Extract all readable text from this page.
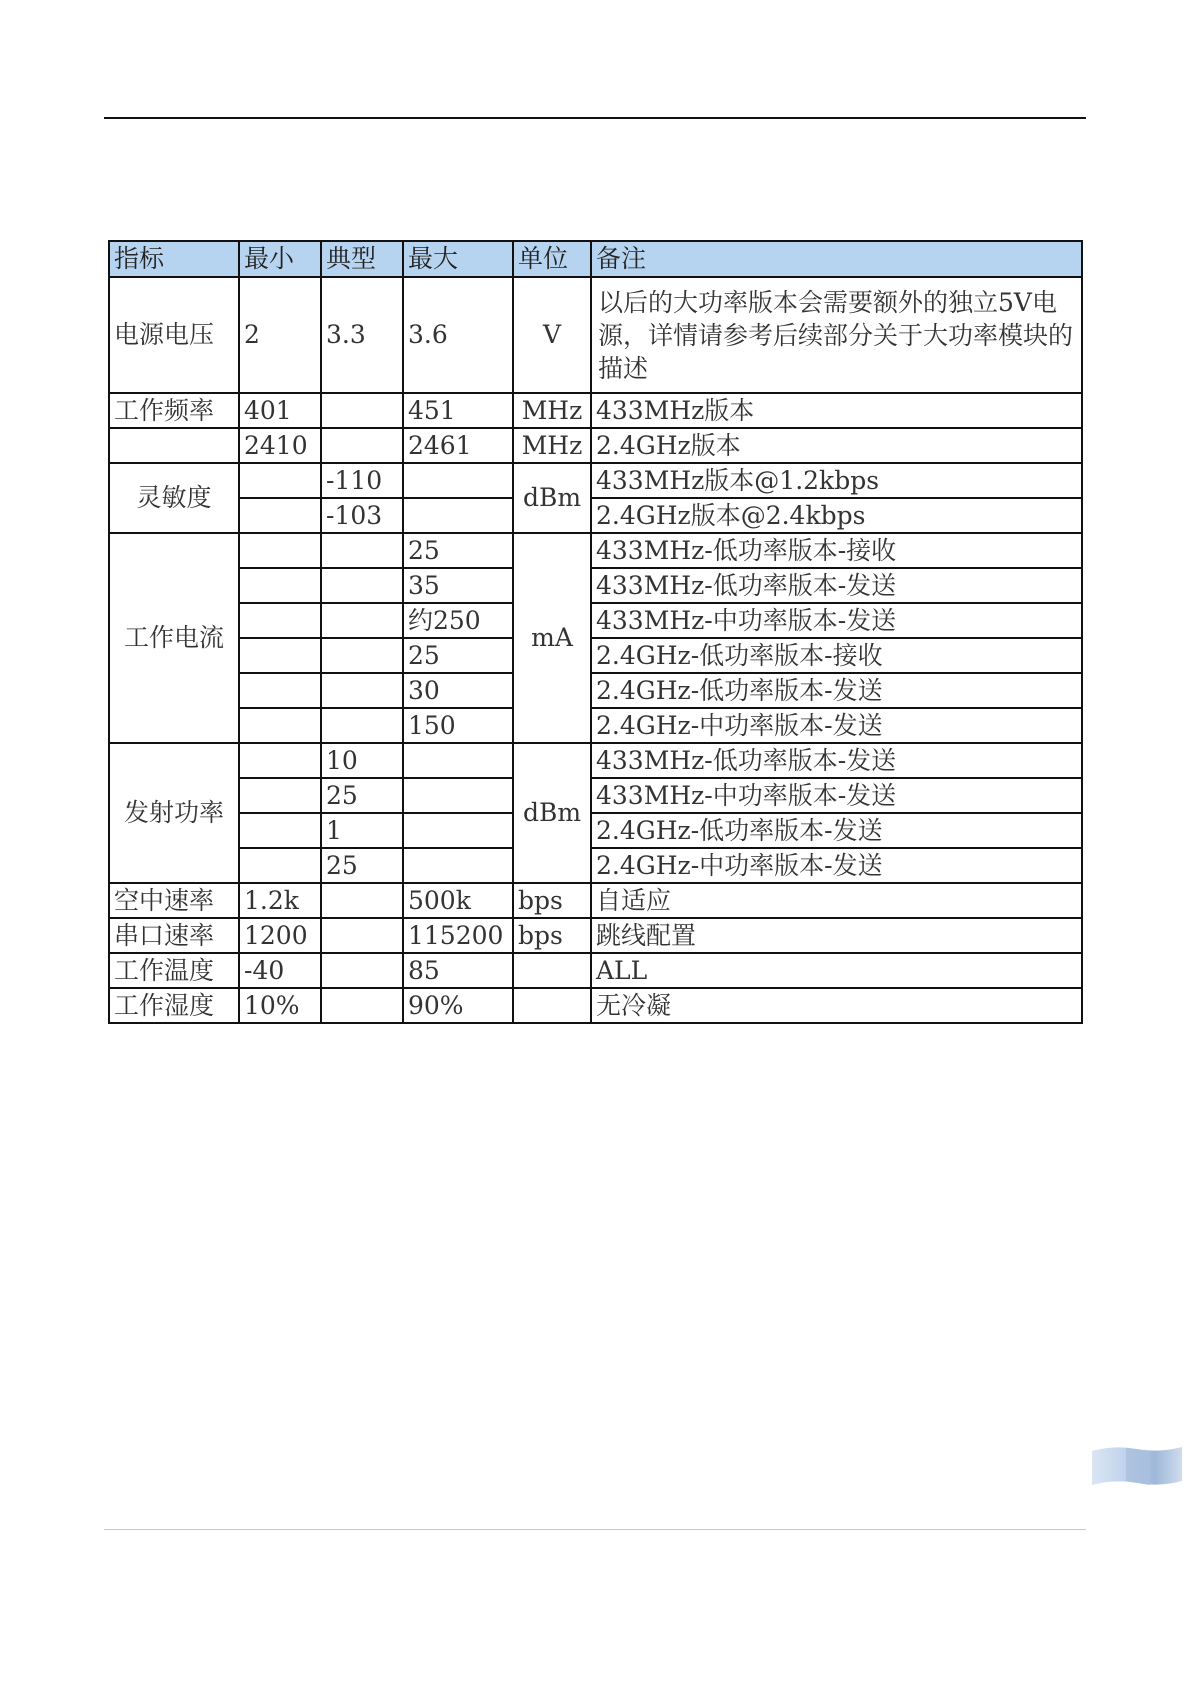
指标	最小	典型	最大	单位	备注
电源电压	2	3.3	3.6	V	以后的大功率版本会需要额外的独立5V电源，详情请参考后续部分关于大功率模块的描述
工作频率	401		451	MHz	433MHz版本
	2410		2461	MHz	2.4GHz版本
灵敏度		-110		dBm	433MHz版本@1.2kbps
		-103			2.4GHz版本@2.4kbps
工作电流			25	mA	433MHz-低功率版本-接收
			35		433MHz-低功率版本-发送
			约250		433MHz-中功率版本-发送
			25		2.4GHz-低功率版本-接收
			30		2.4GHz-低功率版本-发送
			150		2.4GHz-中功率版本-发送
发射功率		10		dBm	433MHz-低功率版本-发送
		25			433MHz-中功率版本-发送
		1			2.4GHz-低功率版本-发送
		25			2.4GHz-中功率版本-发送
空中速率	1.2k		500k	bps	自适应
串口速率	1200		115200	bps	跳线配置
工作温度	-40		85		ALL
工作湿度	10%		90%		无冷凝
